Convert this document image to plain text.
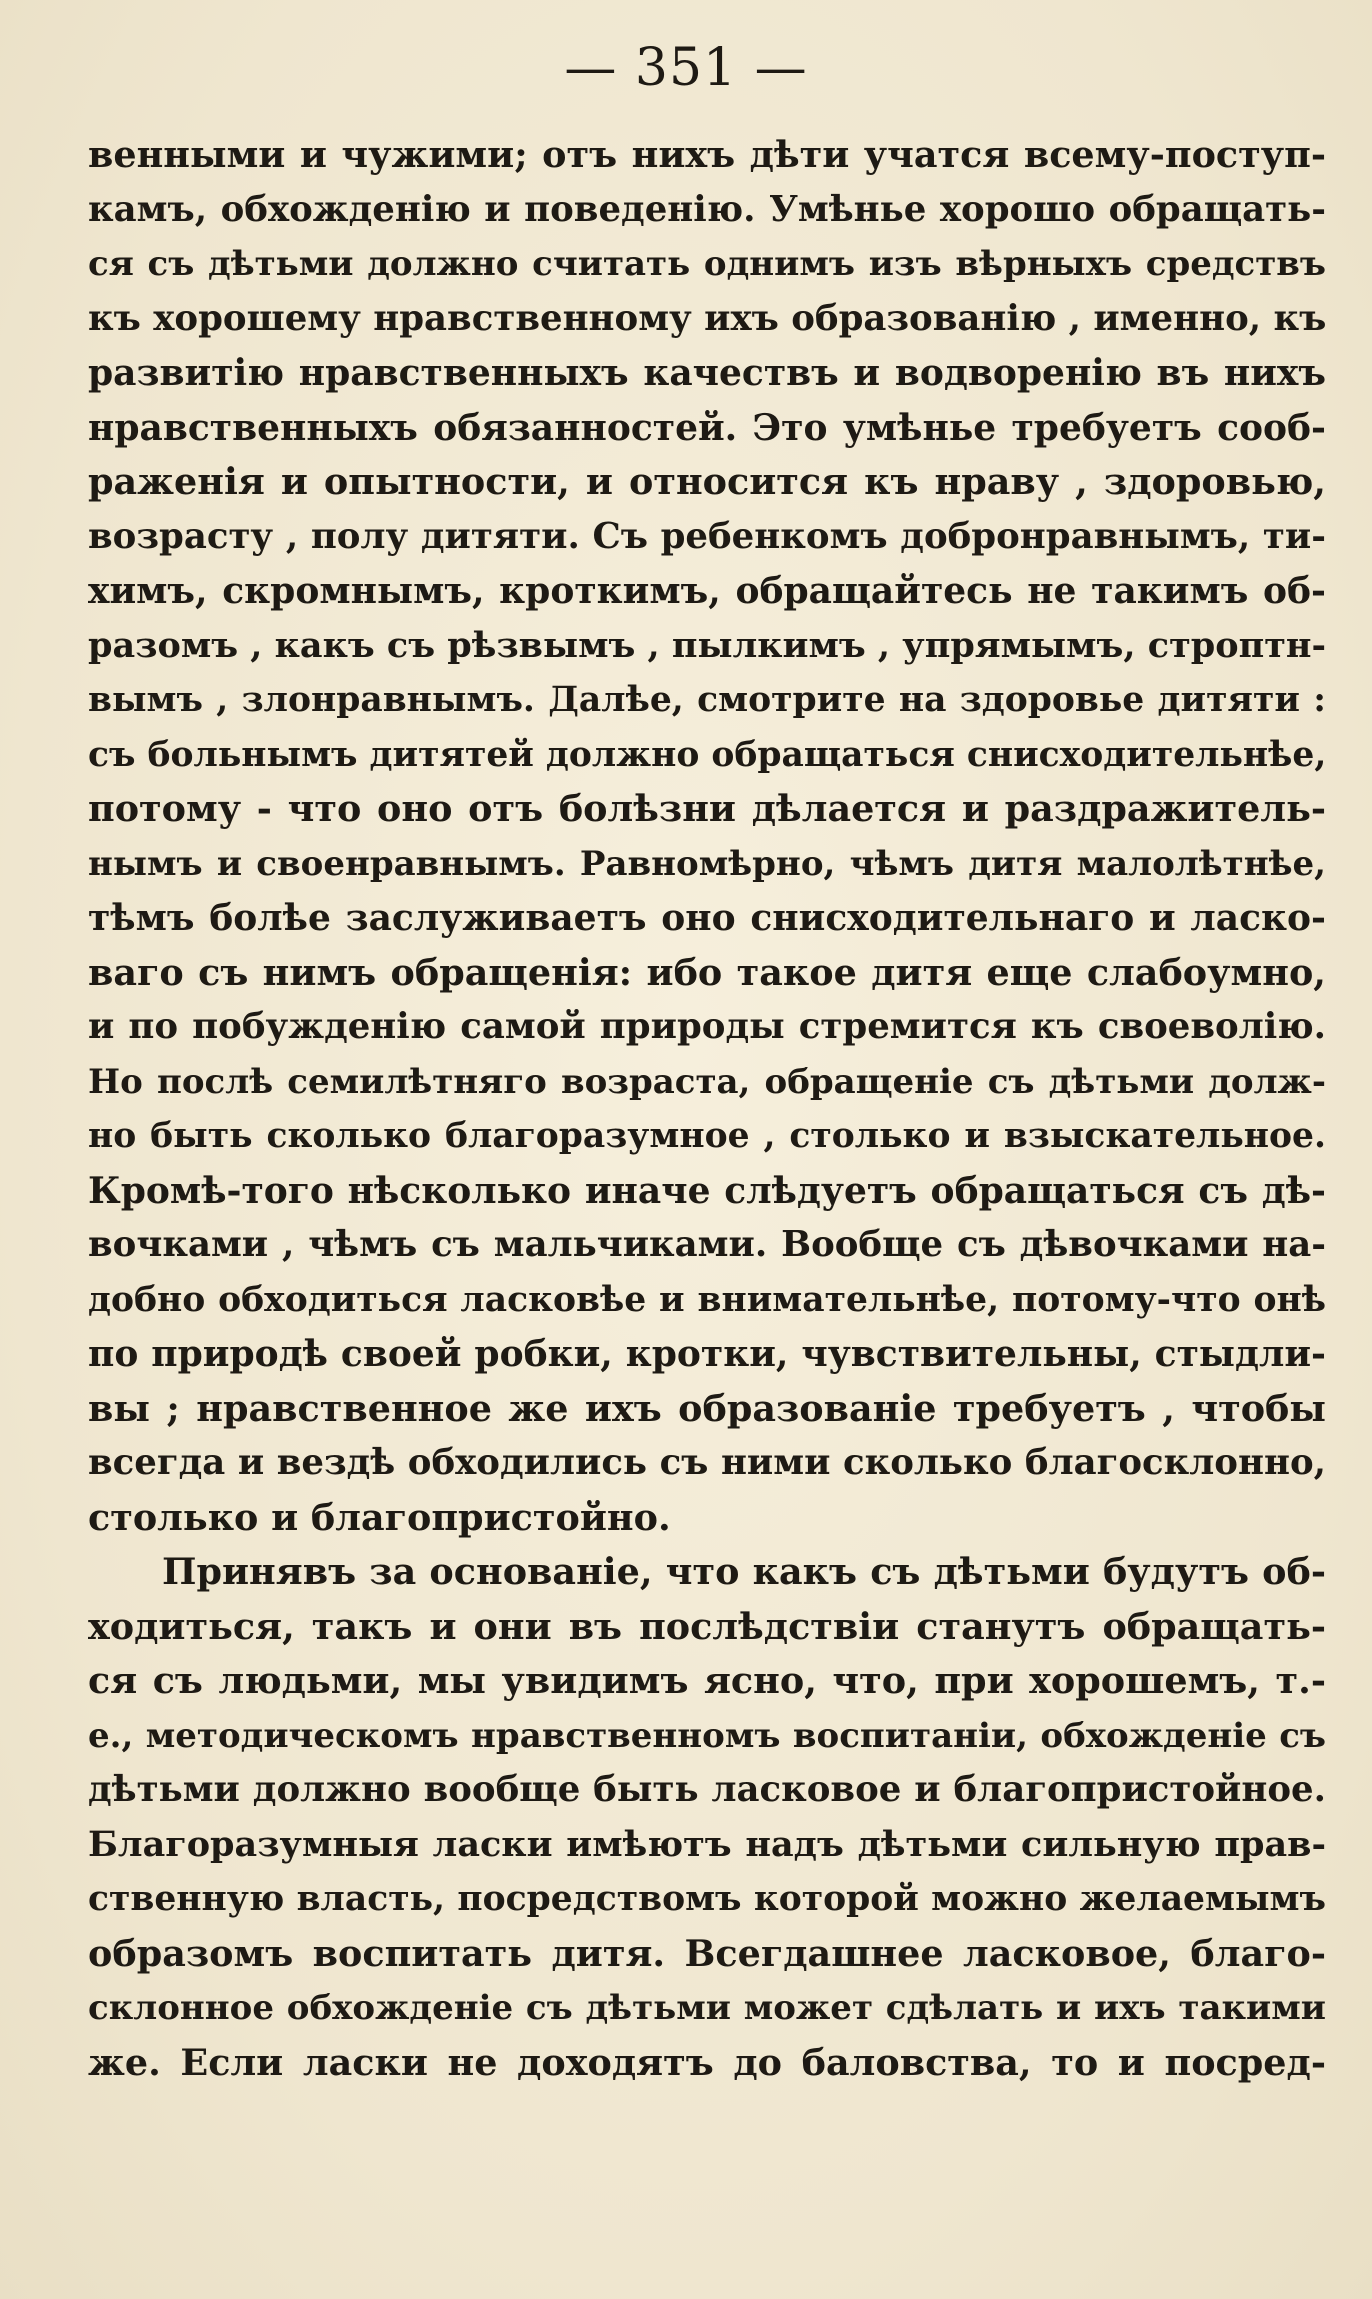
— 351 —
венными и чужими; отъ нихъ дѣти учатся всему-поступ-
камъ, обхожденію и поведенію. Умѣнье хорошо обращать-
ся съ дѣтьми должно считать однимъ изъ вѣрныхъ средствъ
къ хорошему нравственному ихъ образованію , именно, къ
развитію нравственныхъ качествъ и водворенію въ нихъ
нравственныхъ обязанностей. Это умѣнье требуетъ сооб-
раженія и опытности, и относится къ нраву , здоровью,
возрасту , полу дитяти. Съ ребенкомъ добронравнымъ, ти-
химъ, скромнымъ, кроткимъ, обращайтесь не такимъ об-
разомъ , какъ съ рѣзвымъ , пылкимъ , упрямымъ, строптн-
вымъ , злонравнымъ. Далѣе, смотрите на здоровье дитяти :
съ больнымъ дитятей должно обращаться снисходительнѣе,
потому - что оно отъ болѣзни дѣлается и раздражитель-
нымъ и своенравнымъ. Равномѣрно, чѣмъ дитя малолѣтнѣе,
тѣмъ болѣе заслуживаетъ оно снисходительнаго и ласко-
ваго съ нимъ обращенія: ибо такое дитя еще слабоумно,
и по побужденію самой природы стремится къ своеволію.
Но послѣ семилѣтняго возраста, обращеніе съ дѣтьми долж-
но быть сколько благоразумное , столько и взыскательное.
Кромѣ-того нѣсколько иначе слѣдуетъ обращаться съ дѣ-
вочками , чѣмъ съ мальчиками. Вообще съ дѣвочками на-
добно обходиться ласковѣе и внимательнѣе, потому-что онѣ
по природѣ своей робки, кротки, чувствительны, стыдли-
вы ; нравственное же ихъ образованіе требуетъ , чтобы
всегда и вездѣ обходились съ ними сколько благосклонно,
столько и благопристойно.
Принявъ за основаніе, что какъ съ дѣтьми будутъ об-
ходиться, такъ и они въ послѣдствіи станутъ обращать-
ся съ людьми, мы увидимъ ясно, что, при хорошемъ, т.-
е., методическомъ нравственномъ воспитаніи, обхожденіе съ
дѣтьми должно вообще быть ласковое и благопристойное.
Благоразумныя ласки имѣютъ надъ дѣтьми сильную прав-
ственную власть, посредствомъ которой можно желаемымъ
образомъ воспитать дитя. Всегдашнее ласковое, благо-
склонное обхожденіе съ дѣтьми может сдѣлать и ихъ такими
же. Если ласки не доходятъ до баловства, то и посред-
